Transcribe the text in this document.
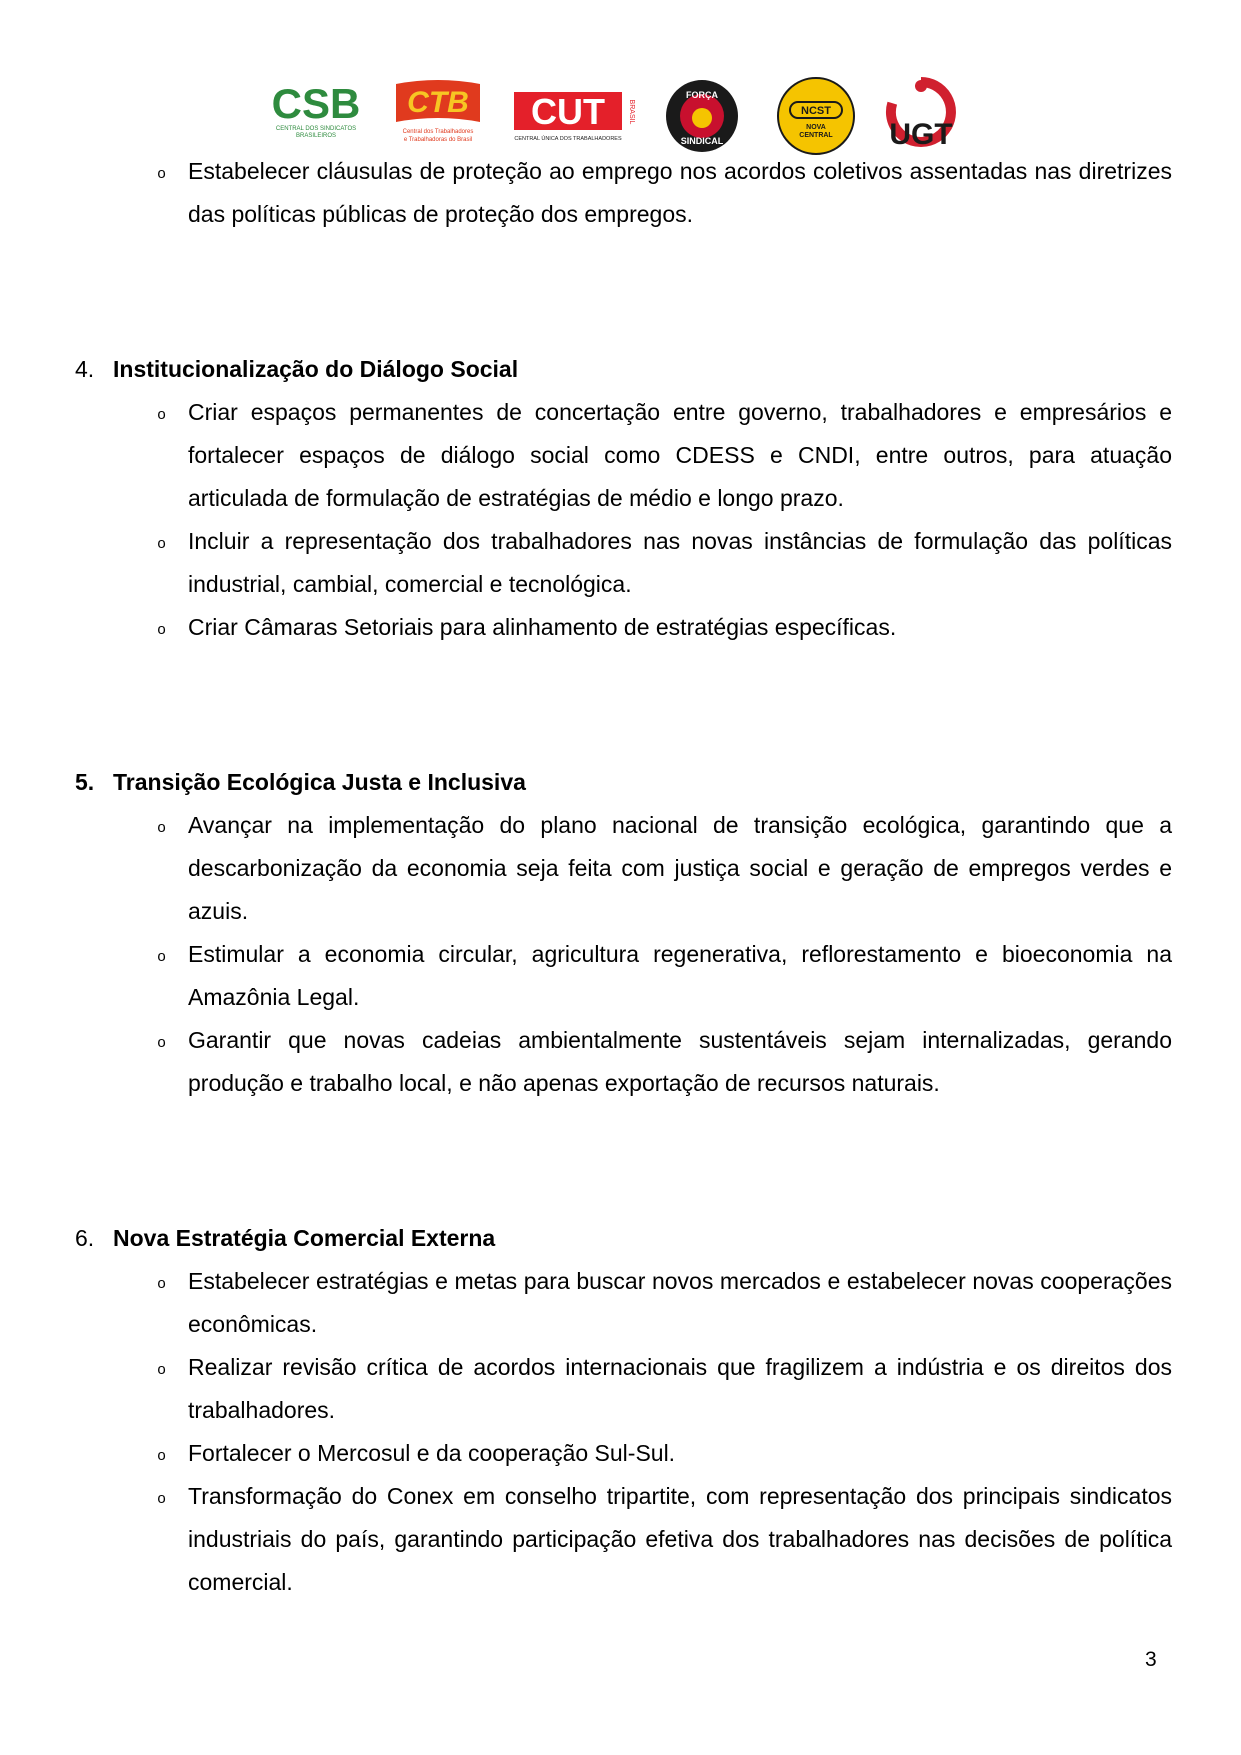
CSB
CENTRAL DOS SINDICATOS
BRASILEIROS
CTB
Central dos Trabalhadores
e Trabalhadoras do Brasil
CUT
CENTRAL ÚNICA DOS TRABALHADORES
BRASIL
FORÇA
SINDICAL
NCST
NOVA
CENTRAL UGT
o Estabelecer cláusulas de proteção ao emprego nos acordos coletivos assentadas nas diretrizes das políticas públicas de proteção dos empregos.
4. Institucionalização do Diálogo Social
o Criar espaços permanentes de concertação entre governo, trabalhadores e empresários e fortalecer espaços de diálogo social como CDESS e CNDI, entre outros, para atuação articulada de formulação de estratégias de médio e longo prazo.
o Incluir a representação dos trabalhadores nas novas instâncias de formulação das políticas industrial, cambial, comercial e tecnológica.
o Criar Câmaras Setoriais para alinhamento de estratégias específicas.
5. Transição Ecológica Justa e Inclusiva
o Avançar na implementação do plano nacional de transição ecológica, garantindo que a descarbonização da economia seja feita com justiça social e geração de empregos verdes e azuis.
o Estimular a economia circular, agricultura regenerativa, reflorestamento e bioeconomia na Amazônia Legal.
o Garantir que novas cadeias ambientalmente sustentáveis sejam internalizadas, gerando produção e trabalho local, e não apenas exportação de recursos naturais.
6. Nova Estratégia Comercial Externa
o Estabelecer estratégias e metas para buscar novos mercados e estabelecer novas cooperações econômicas.
o Realizar revisão crítica de acordos internacionais que fragilizem a indústria e os direitos dos trabalhadores.
o Fortalecer o Mercosul e da cooperação Sul-Sul.
o Transformação do Conex em conselho tripartite, com representação dos principais sindicatos industriais do país, garantindo participação efetiva dos trabalhadores nas decisões de política comercial.
3
